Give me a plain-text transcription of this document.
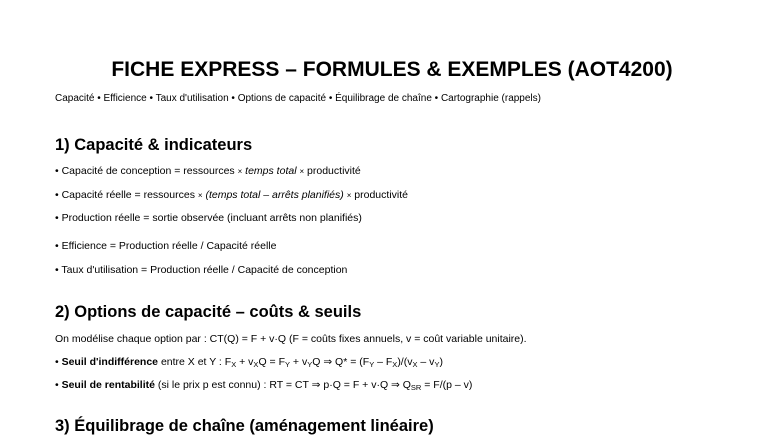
FICHE EXPRESS – FORMULES & EXEMPLES (AOT4200)
Capacité • Efficience • Taux d'utilisation • Options de capacité • Équilibrage de chaîne • Cartographie (rappels)
1) Capacité & indicateurs
• Capacité de conception = ressources × temps total × productivité
• Capacité réelle = ressources × (temps total – arrêts planifiés) × productivité
• Production réelle = sortie observée (incluant arrêts non planifiés)
• Efficience = Production réelle / Capacité réelle
• Taux d'utilisation = Production réelle / Capacité de conception
2) Options de capacité – coûts & seuils
On modélise chaque option par : CT(Q) = F + v·Q (F = coûts fixes annuels, v = coût variable unitaire).
• Seuil d'indifférence entre X et Y : $F_X + v_XQ = F_Y + v_YQ$ ⇒ $Q* = (F_Y - F_X)/(v_X - v_Y)$
• Seuil de rentabilité (si le prix p est connu) : RT = CT ⇒ p·Q = F + v·Q ⇒ $Q_{SR} = F/(p - v)$
3) Équilibrage de chaîne (aménagement linéaire)
